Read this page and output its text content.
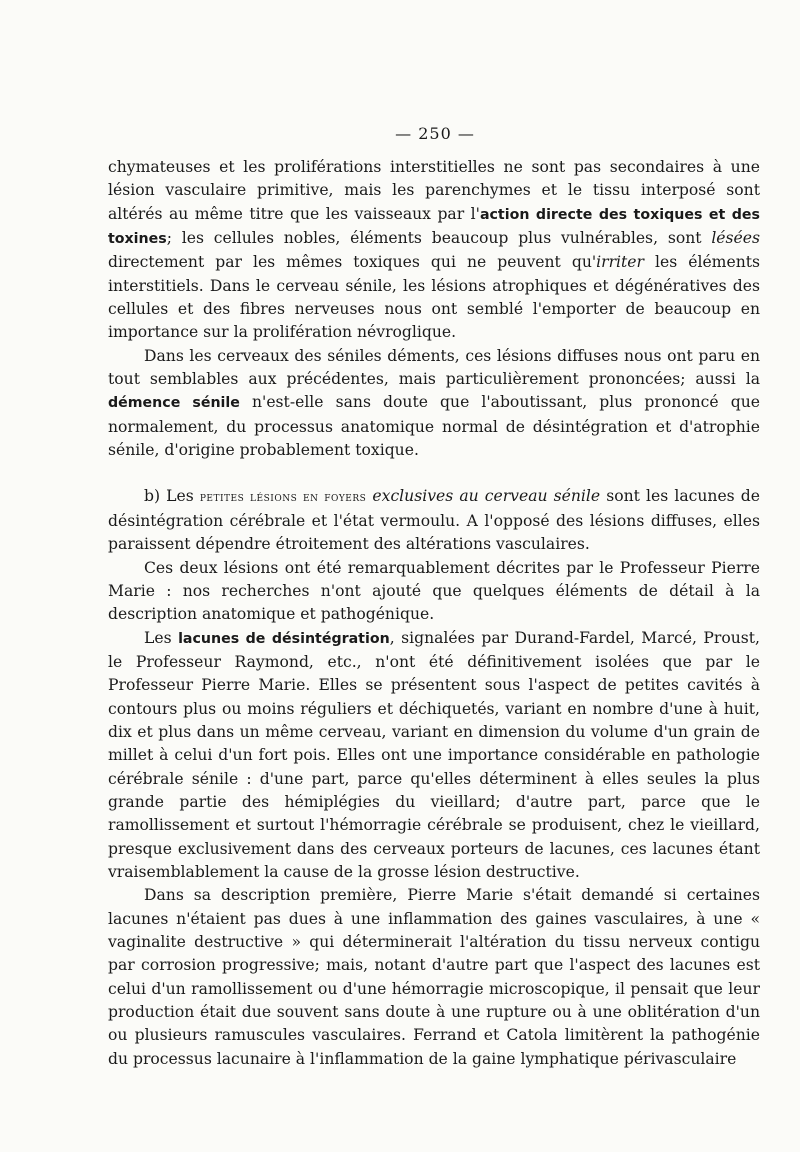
— 250 —

chymateuses et les proliférations interstitielles ne sont pas secondaires à une lésion vasculaire primitive, mais les parenchymes et le tissu interposé sont altérés au même titre que les vaisseaux par l'action directe des toxiques et des toxines; les cellules nobles, éléments beaucoup plus vulnérables, sont lésées directement par les mêmes toxiques qui ne peuvent qu'irriter les éléments interstitiels. Dans le cerveau sénile, les lésions atrophiques et dégénératives des cellules et des fibres nerveuses nous ont semblé l'emporter de beaucoup en importance sur la prolifération névroglique.

Dans les cerveaux des séniles déments, ces lésions diffuses nous ont paru en tout semblables aux précédentes, mais particulièrement prononcées; aussi la démence sénile n'est-elle sans doute que l'aboutissant, plus prononcé que normalement, du processus anatomique normal de désintégration et d'atrophie sénile, d'origine probablement toxique.

b) Les petites lésions en foyers exclusives au cerveau sénile sont les lacunes de désintégration cérébrale et l'état vermoulu. A l'opposé des lésions diffuses, elles paraissent dépendre étroitement des altérations vasculaires.

Ces deux lésions ont été remarquablement décrites par le Professeur Pierre Marie : nos recherches n'ont ajouté que quelques éléments de détail à la description anatomique et pathogénique.

Les lacunes de désintégration, signalées par Durand-Fardel, Marcé, Proust, le Professeur Raymond, etc., n'ont été définitivement isolées que par le Professeur Pierre Marie. Elles se présentent sous l'aspect de petites cavités à contours plus ou moins réguliers et déchiquetés, variant en nombre d'une à huit, dix et plus dans un même cerveau, variant en dimension du volume d'un grain de millet à celui d'un fort pois. Elles ont une importance considérable en pathologie cérébrale sénile : d'une part, parce qu'elles déterminent à elles seules la plus grande partie des hémiplégies du vieillard; d'autre part, parce que le ramollissement et surtout l'hémorragie cérébrale se produisent, chez le vieillard, presque exclusivement dans des cerveaux porteurs de lacunes, ces lacunes étant vraisemblablement la cause de la grosse lésion destructive.

Dans sa description première, Pierre Marie s'était demandé si certaines lacunes n'étaient pas dues à une inflammation des gaines vasculaires, à une « vaginalite destructive » qui déterminerait l'altération du tissu nerveux contigu par corrosion progressive; mais, notant d'autre part que l'aspect des lacunes est celui d'un ramollissement ou d'une hémorragie microscopique, il pensait que leur production était due souvent sans doute à une rupture ou à une oblitération d'un ou plusieurs ramuscules vasculaires. Ferrand et Catola limitèrent la pathogénie du processus lacunaire à l'inflammation de la gaine lymphatique périvasculaire
